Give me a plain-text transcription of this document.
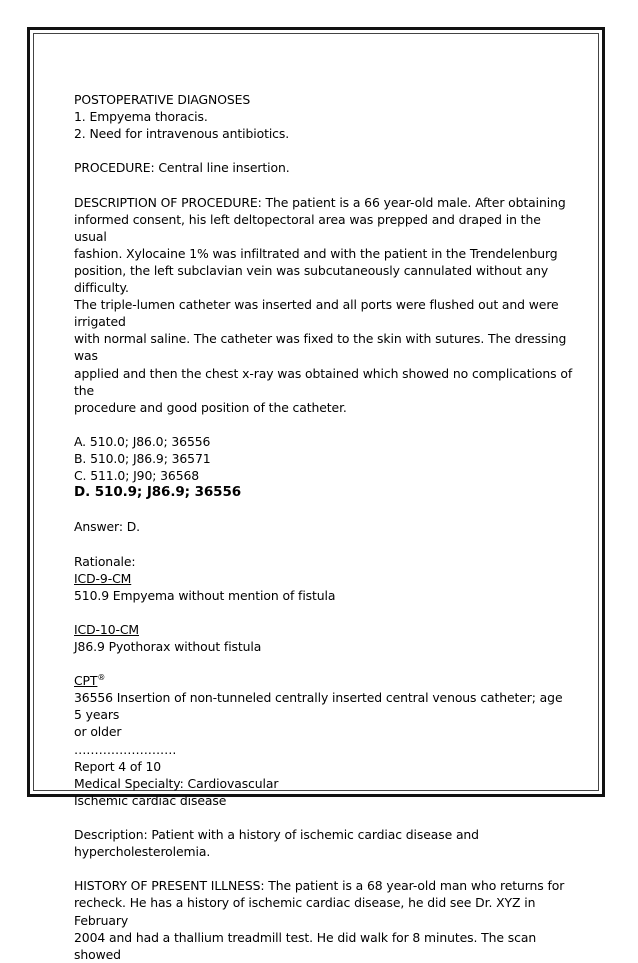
POSTOPERATIVE DIAGNOSES

1. Empyema thoracis.

2. Need for intravenous antibiotics.

PROCEDURE: Central line insertion.

DESCRIPTION OF PROCEDURE: The patient is a 66 year-old male. After obtaining

informed consent, his left deltopectoral area was prepped and draped in the usual

fashion. Xylocaine 1% was infiltrated and with the patient in the Trendelenburg

position, the left subclavian vein was subcutaneously cannulated without any difficulty.

The triple-lumen catheter was inserted and all ports were flushed out and were irrigated

with normal saline. The catheter was fixed to the skin with sutures. The dressing was

applied and then the chest x-ray was obtained which showed no complications of the

procedure and good position of the catheter.

A. 510.0; J86.0; 36556

B. 510.0; J86.9; 36571

C. 511.0; J90; 36568

D. 510.9; J86.9; 36556

Answer: D.

Rationale:

ICD-9-CM

510.9 Empyema without mention of fistula

ICD-10-CM

J86.9 Pyothorax without fistula

CPT®

36556 Insertion of non-tunneled centrally inserted central venous catheter; age 5 years

or older

…………………….

Report 4 of 10

Medical Specialty: Cardiovascular

Ischemic cardiac disease

Description: Patient with a history of ischemic cardiac disease and

hypercholesterolemia.

HISTORY OF PRESENT ILLNESS: The patient is a 68 year-old man who returns for

recheck. He has a history of ischemic cardiac disease, he did see Dr. XYZ in February

2004 and had a thallium treadmill test. He did walk for 8 minutes. The scan showed
